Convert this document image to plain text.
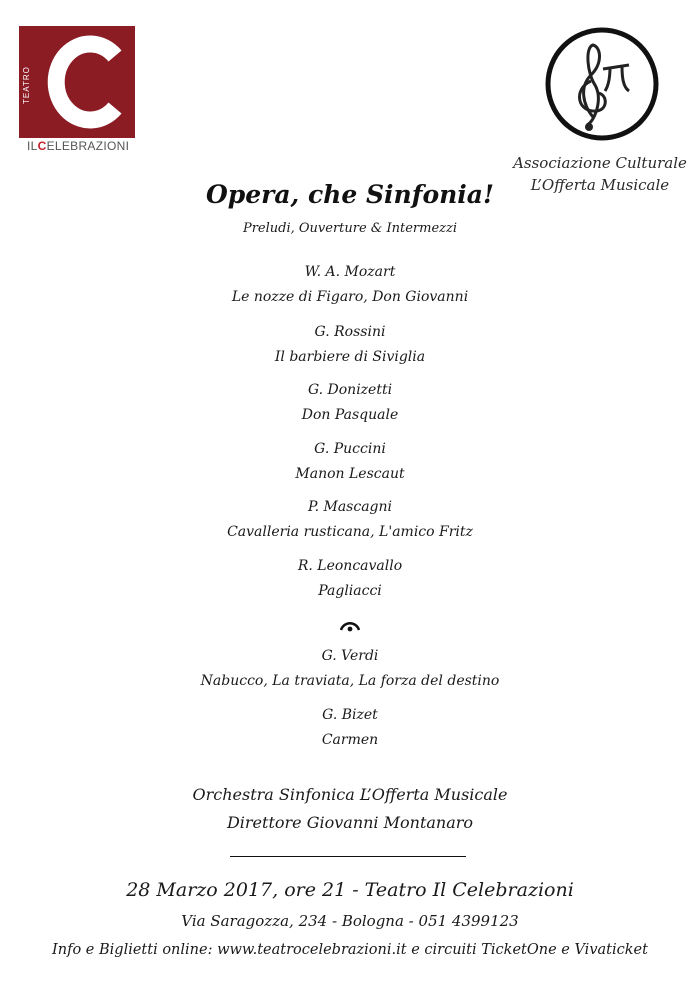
TEATRO
ILCELEBRAZIONI
Associazione Culturale
L’Offerta Musicale
Opera, che Sinfonia!
Preludi, Ouverture & Intermezzi
W. A. Mozart
Le nozze di Figaro, Don Giovanni
G. Rossini
Il barbiere di Siviglia
G. Donizetti
Don Pasquale
G. Puccini
Manon Lescaut
P. Mascagni
Cavalleria rusticana, L'amico Fritz
R. Leoncavallo
Pagliacci
G. Verdi
Nabucco, La traviata, La forza del destino
G. Bizet
Carmen
Orchestra Sinfonica L’Offerta Musicale
Direttore Giovanni Montanaro
28 Marzo 2017, ore 21 - Teatro Il Celebrazioni
Via Saragozza, 234 - Bologna - 051 4399123
Info e Biglietti online: www.teatrocelebrazioni.it e circuiti TicketOne e Vivaticket
